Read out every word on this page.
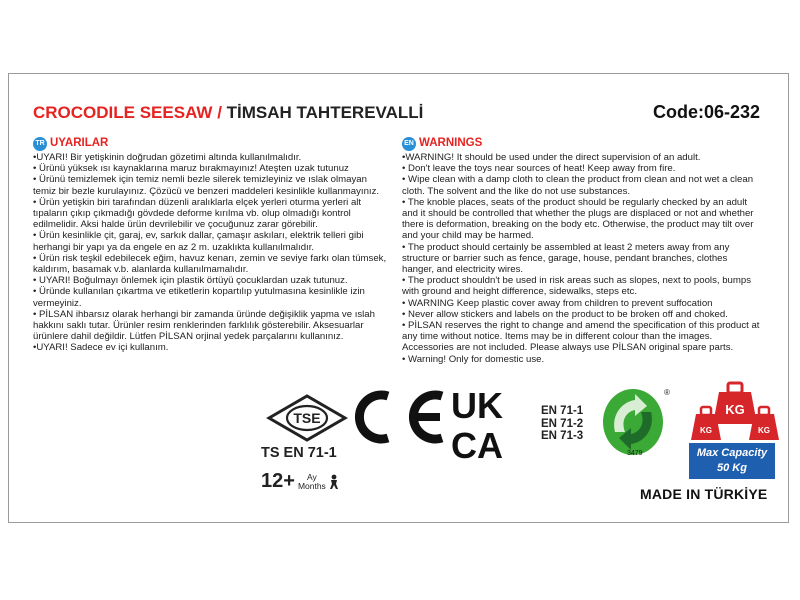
CROCODILE SEESAW / TİMSAH TAHTEREVALLİ	Code:06-232
TR UYARILAR
•UYARI! Bir yetişkinin doğrudan gözetimi altında kullanılmalıdır.
• Ürünü yüksek ısı kaynaklarına maruz bırakmayınız! Ateşten uzak tutunuz
• Ürünü temizlemek için temiz nemli bezle silerek temizleyiniz ve ıslak olmayan
temiz bir bezle kurulayınız. Çözücü ve benzeri maddeleri kesinlikle kullanmayınız.
• Ürün yetişkin biri tarafından düzenli aralıklarla elçek yerleri oturma yerleri alt
tıpaların çıkıp çıkmadığı gövdede deforme kırılma vb. olup olmadığı kontrol
edilmelidir. Aksi halde ürün devrilebilir ve çocuğunuz zarar görebilir.
• Ürün kesinlikle çit, garaj, ev, sarkık dallar, çamaşır askıları, elektrik telleri gibi
herhangi bir yapı ya da engele en az 2 m. uzaklıkta kullanılmalıdır.
• Ürün risk teşkil edebilecek eğim, havuz kenarı, zemin ve seviye farkı olan tümsek,
kaldırım, basamak v.b. alanlarda kullanılmamalıdır.
• UYARI! Boğulmayı önlemek için plastik örtüyü çocuklardan uzak tutunuz.
• Üründe kullanılan çıkartma ve etiketlerin kopartılıp yutulmasına kesinlikle izin
vermeyiniz.
• PİLSAN ihbarsız olarak herhangi bir zamanda üründe değişiklik yapma ve ıslah
hakkını saklı tutar. Ürünler resim renklerinden farklılık gösterebilir. Aksesuarlar
ürünlere dahil değildir. Lütfen PİLSAN orjinal yedek parçalarını kullanınız.
•UYARI! Sadece ev içi kullanım.
EN WARNINGS
•WARNING! It should be used under the direct supervision of an adult.
• Don't leave the toys near sources of heat! Keep away from fire.
• Wipe clean with a damp cloth to clean the product from clean and not wet a clean
cloth. The solvent and the like do not use substances.
• The knoble places, seats of the product should be regularly checked by an adult
and it should be controlled that whether the plugs are displaced or not and whether
there is deformation, breaking on the body etc. Otherwise, the product may tilt over
and your child may be harmed.
• The product should certainly be assembled at least 2 meters away from any
structure or barrier such as fence, garage, house, pendant branches, clothes
hanger, and electricity wires.
• The product shouldn't be used in risk areas such as slopes, next to pools, bumps
with ground and height difference, sidewalks, steps etc.
• WARNING Keep plastic cover away from children to prevent suffocation
• Never allow stickers and labels on the product to be broken off and choked.
• PİLSAN reserves the right to change and amend the specification of this product at
any time without notice. Items may be in different colour than the images.
Accessories are not included. Please always use PİLSAN original spare parts.
• Warning! Only for domestic use.
TSE
TS EN 71-1
12+	Ay
Months
UK
CA
EN 71-1
EN 71-2
EN 71-3
®
3479
KG
KG	KG
Max Capacity
50 Kg
MADE IN TÜRKİYE
